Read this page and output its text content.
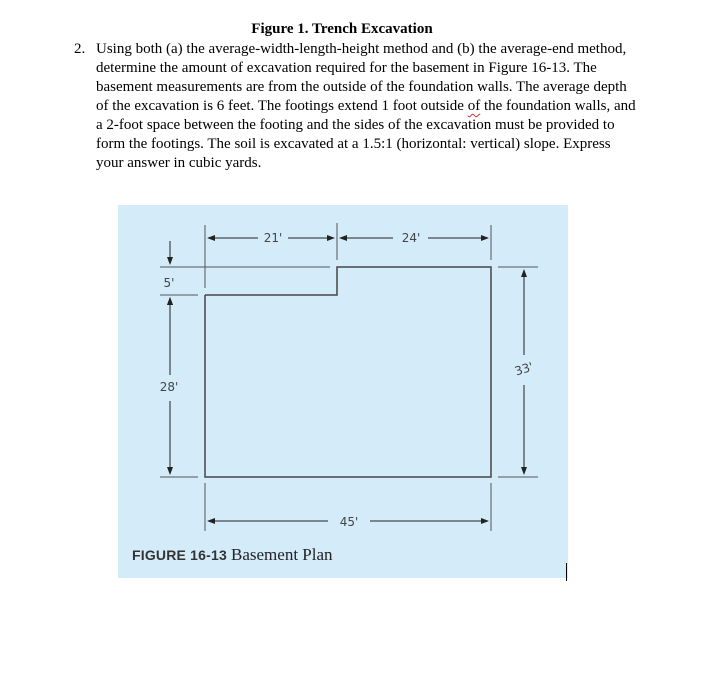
Figure 1. Trench Excavation
2. Using both (a) the average-width-length-height method and (b) the average-end method,

determine the amount of excavation required for the basement in Figure 16-13. The

basement measurements are from the outside of the foundation walls. The average depth

of the excavation is 6 feet. The footings extend 1 foot outside of the foundation walls, and

a 2-foot space between the footing and the sides of the excavation must be provided to

form the footings. The soil is excavated at a 1.5:1 (horizontal: vertical) slope. Express

your answer in cubic yards.

21'	24'
5'
28'
33'
45'
FIGURE 16-13 Basement Plan
